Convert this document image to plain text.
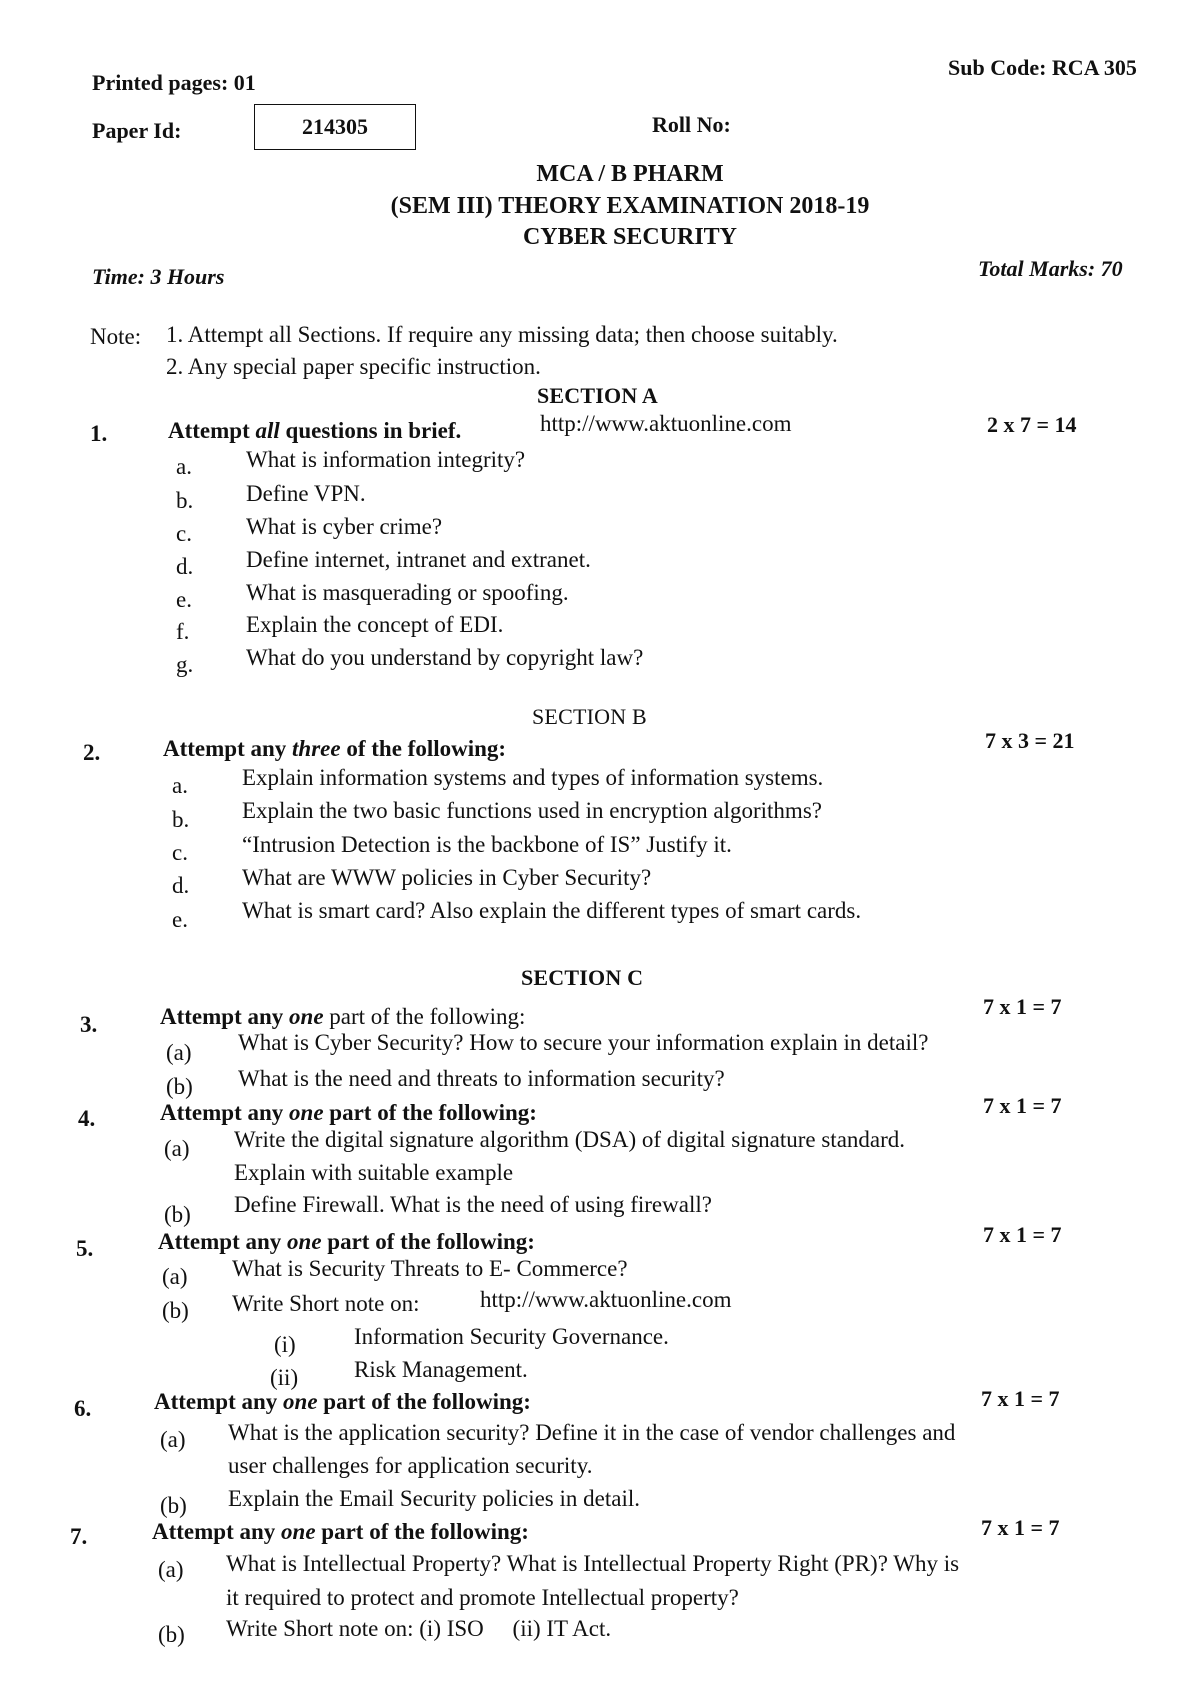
Printed pages: 01
Sub Code: RCA 305
Paper Id:	214305	Roll No:
MCA / B PHARM
(SEM III) THEORY EXAMINATION 2018-19
CYBER SECURITY
Time: 3 Hours	Total Marks: 70
Note: 1. Attempt all Sections. If require any missing data; then choose suitably.
2. Any special paper specific instruction.
SECTION A
1.	Attempt all questions in brief.	http://www.aktuonline.com	2 x 7 = 14
a. What is information integrity?
b. Define VPN.
c. What is cyber crime?
d. Define internet, intranet and extranet.
e. What is masquerading or spoofing.
f. Explain the concept of EDI.
g. What do you understand by copyright law?
SECTION B
2.	Attempt any three of the following:	7 x 3 = 21
a. Explain information systems and types of information systems.
b. Explain the two basic functions used in encryption algorithms?
c. “Intrusion Detection is the backbone of IS” Justify it.
d. What are WWW policies in Cyber Security?
e. What is smart card? Also explain the different types of smart cards.
SECTION C
3.	Attempt any one part of the following:	7 x 1 = 7
(a) What is Cyber Security? How to secure your information explain in detail?
(b) What is the need and threats to information security?
4.	Attempt any one part of the following:	7 x 1 = 7
(a) Write the digital signature algorithm (DSA) of digital signature standard.
Explain with suitable example
(b) Define Firewall. What is the need of using firewall?
5.	Attempt any one part of the following:	7 x 1 = 7
(a) What is Security Threats to E- Commerce?
(b) Write Short note on:	http://www.aktuonline.com
(i)	Information Security Governance.
(ii) Risk Management.
6.	Attempt any one part of the following:	7 x 1 = 7
(a) What is the application security? Define it in the case of vendor challenges and
user challenges for application security.
(b) Explain the Email Security policies in detail.
7.	Attempt any one part of the following:	7 x 1 = 7
(a) What is Intellectual Property? What is Intellectual Property Right (PR)? Why is
it required to protect and promote Intellectual property?
(b) Write Short note on: (i) ISO     (ii) IT Act.
